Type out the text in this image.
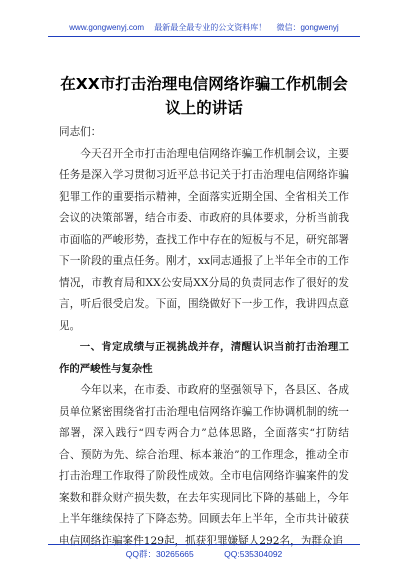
www.gongwenyj.com 最新最全最专业的公文资料库！ 微信：gongwenyj
在XX市打击治理电信网络诈骗工作机制会议上的讲话

同志们：

今天召开全市打击治理电信网络诈骗工作机制会议，主要任务是深入学习贯彻习近平总书记关于打击治理电信网络诈骗犯罪工作的重要指示精神，全面落实近期全国、全省相关工作会议的决策部署，结合市委、市政府的具体要求，分析当前我市面临的严峻形势，查找工作中存在的短板与不足，研究部署下一阶段的重点任务。刚才，xx同志通报了上半年全市的工作情况，市教育局和XX公安局XX分局的负责同志作了很好的发言，听后很受启发。下面，围绕做好下一步工作，我讲四点意见。

一、肯定成绩与正视挑战并存，清醒认识当前打击治理工作的严峻性与复杂性

今年以来，在市委、市政府的坚强领导下，各县区、各成员单位紧密围绕省打击治理电信网络诈骗工作协调机制的统一部署，深入践行“四专两合力”总体思路，全面落实“打防结合、预防为先、综合治理、标本兼治”的工作理念，推动全市打击治理工作取得了阶段性成效。全市电信网络诈骗案件的发案数和群众财产损失数，在去年实现同比下降的基础上，今年上半年继续保持了下降态势。回顾去年上半年，全市共计破获电信网络诈骗案件129起，抓获犯罪嫌疑人292名，为群众追

QQ群：30265665	QQ:535304092
